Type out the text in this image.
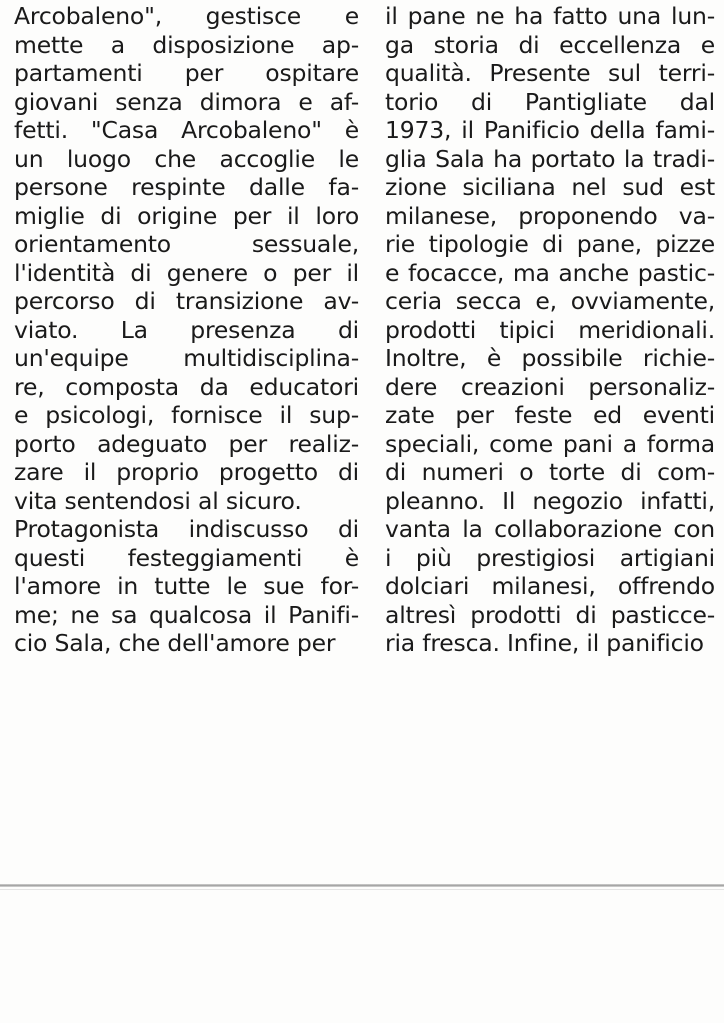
Arcobaleno", gestisce e
mette a disposizione ap-
partamenti per ospitare
giovani senza dimora e af-
fetti. "Casa Arcobaleno" è
un luogo che accoglie le
persone respinte dalle fa-
miglie di origine per il loro
orientamento sessuale,
l'identità di genere o per il
percorso di transizione av-
viato. La presenza di
un'equipe multidisciplina-
re, composta da educatori
e psicologi, fornisce il sup-
porto adeguato per realiz-
zare il proprio progetto di
vita sentendosi al sicuro.
Protagonista indiscusso di
questi festeggiamenti è
l'amore in tutte le sue for-
me; ne sa qualcosa il Panifi-
cio Sala, che dell'amore per
il pane ne ha fatto una lun-
ga storia di eccellenza e
qualità. Presente sul terri-
torio di Pantigliate dal
1973, il Panificio della fami-
glia Sala ha portato la tradi-
zione siciliana nel sud est
milanese, proponendo va-
rie tipologie di pane, pizze
e focacce, ma anche pastic-
ceria secca e, ovviamente,
prodotti tipici meridionali.
Inoltre, è possibile richie-
dere creazioni personaliz-
zate per feste ed eventi
speciali, come pani a forma
di numeri o torte di com-
pleanno. Il negozio infatti,
vanta la collaborazione con
i più prestigiosi artigiani
dolciari milanesi, offrendo
altresì prodotti di pasticce-
ria fresca. Infine, il panificio
